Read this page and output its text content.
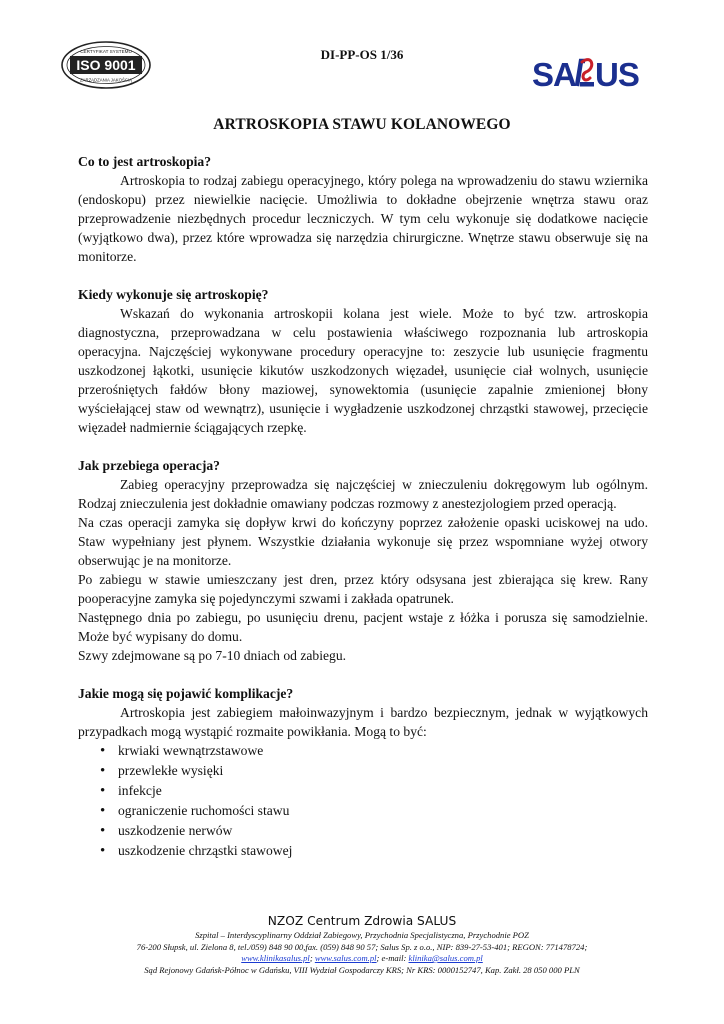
ISO 9001
CERTYFIKAT SYSTEMU
ZARZĄDZANIA JAKOŚCIĄ
DI-PP-OS 1/36
SA US
ARTROSKOPIA STAWU KOLANOWEGO
Co to jest artroskopia?

Artroskopia to rodzaj zabiegu operacyjnego, który polega na wprowadzeniu do stawu wziernika (endoskopu) przez niewielkie nacięcie. Umożliwia to dokładne obejrzenie wnętrza stawu oraz przeprowadzenie niezbędnych procedur leczniczych. W tym celu wykonuje się dodatkowe nacięcie (wyjątkowo dwa), przez które wprowadza się narzędzia chirurgiczne. Wnętrze stawu obserwuje się na monitorze.

Kiedy wykonuje się artroskopię?

Wskazań do wykonania artroskopii kolana jest wiele. Może to być tzw. artroskopia diagnostyczna, przeprowadzana w celu postawienia właściwego rozpoznania lub artroskopia operacyjna. Najczęściej wykonywane procedury operacyjne to: zeszycie lub usunięcie fragmentu uszkodzonej łąkotki, usunięcie kikutów uszkodzonych więzadeł, usunięcie ciał wolnych, usunięcie przerośniętych fałdów błony maziowej, synowektomia (usunięcie zapalnie zmienionej błony wyściełającej staw od wewnątrz), usunięcie i wygładzenie uszkodzonej chrząstki stawowej, przecięcie więzadeł nadmiernie ściągających rzepkę.

Jak przebiega operacja?

Zabieg operacyjny przeprowadza się najczęściej w znieczuleniu dokręgowym lub ogólnym. Rodzaj znieczulenia jest dokładnie omawiany podczas rozmowy z anestezjologiem przed operacją.

Na czas operacji zamyka się dopływ krwi do kończyny poprzez założenie opaski uciskowej na udo. Staw wypełniany jest płynem. Wszystkie działania wykonuje się przez wspomniane wyżej otwory obserwując je na monitorze.

Po zabiegu w stawie umieszczany jest dren, przez który odsysana jest zbierająca się krew. Rany pooperacyjne zamyka się pojedynczymi szwami i zakłada opatrunek.

Następnego dnia po zabiegu, po usunięciu drenu, pacjent wstaje z łóżka i porusza się samodzielnie. Może być wypisany do domu.

Szwy zdejmowane są po 7-10 dniach od zabiegu.

Jakie mogą się pojawić komplikacje?

Artroskopia jest zabiegiem małoinwazyjnym i bardzo bezpiecznym, jednak w wyjątkowych przypadkach mogą wystąpić rozmaite powikłania. Mogą to być:

• krwiaki wewnątrzstawowe
• przewlekłe wysięki
• infekcje
• ograniczenie ruchomości stawu
• uszkodzenie nerwów
• uszkodzenie chrząstki stawowej
NZOZ Centrum Zdrowia SALUS
Szpital – Interdyscyplinarny Oddział Zabiegowy, Przychodnia Specjalistyczna, Przychodnie POZ
76-200 Słupsk, ul. Zielona 8, tel./059) 848 90 00,fax. (059) 848 90 57; Salus Sp. z o.o., NIP: 839-27-53-401; REGON: 771478724;
www.klinikasalus.pl; www.salus.com.pl; e-mail: klinika@salus.com.pl
Sąd Rejonowy Gdańsk-Północ w Gdańsku, VIII Wydział Gospodarczy KRS; Nr KRS: 0000152747, Kap. Zakł. 28 050 000 PLN
